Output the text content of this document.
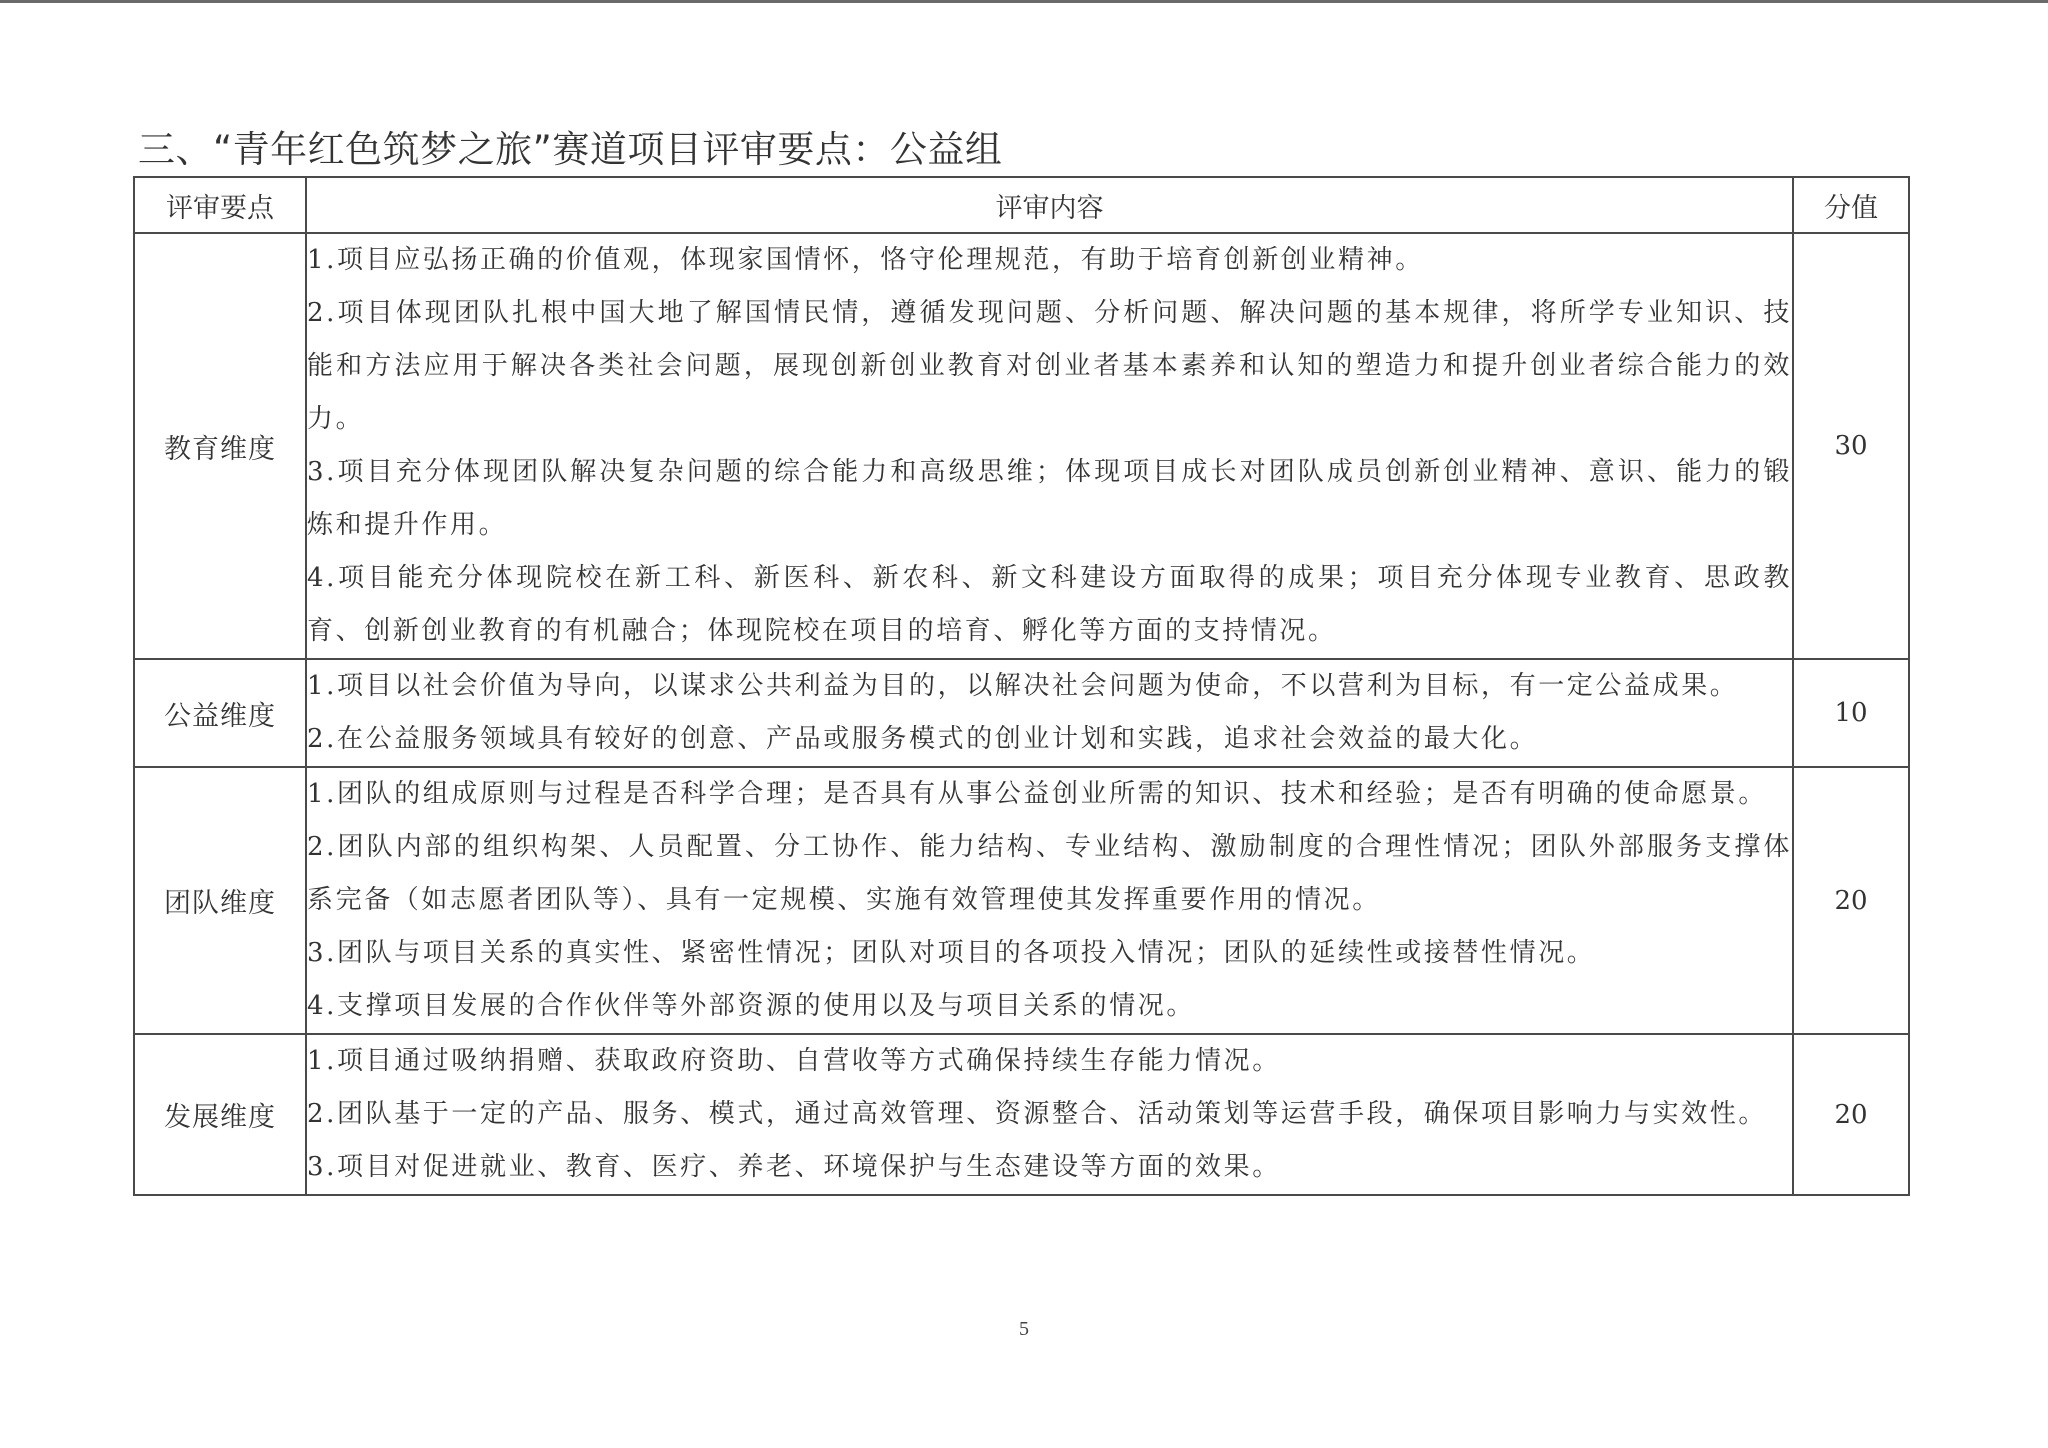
三、“青年红色筑梦之旅”赛道项目评审要点：公益组
评审要点	评审内容	分值
教育维度	1.项目应弘扬正确的价值观，体现家国情怀，恪守伦理规范，有助于培育创新创业精神。
2.项目体现团队扎根中国大地了解国情民情，遵循发现问题、分析问题、解决问题的基本规律，将所学专业知识、技能和方法应用于解决各类社会问题，展现创新创业教育对创业者基本素养和认知的塑造力和提升创业者综合能力的效力。
3.项目充分体现团队解决复杂问题的综合能力和高级思维；体现项目成长对团队成员创新创业精神、意识、能力的锻炼和提升作用。
4.项目能充分体现院校在新工科、新医科、新农科、新文科建设方面取得的成果；项目充分体现专业教育、思政教育、创新创业教育的有机融合；体现院校在项目的培育、孵化等方面的支持情况。	30
公益维度	1.项目以社会价值为导向，以谋求公共利益为目的，以解决社会问题为使命，不以营利为目标，有一定公益成果。
2.在公益服务领域具有较好的创意、产品或服务模式的创业计划和实践，追求社会效益的最大化。	10
团队维度	1.团队的组成原则与过程是否科学合理；是否具有从事公益创业所需的知识、技术和经验；是否有明确的使命愿景。
2.团队内部的组织构架、人员配置、分工协作、能力结构、专业结构、激励制度的合理性情况；团队外部服务支撑体系完备（如志愿者团队等）、具有一定规模、实施有效管理使其发挥重要作用的情况。
3.团队与项目关系的真实性、紧密性情况；团队对项目的各项投入情况；团队的延续性或接替性情况。
4.支撑项目发展的合作伙伴等外部资源的使用以及与项目关系的情况。	20
发展维度	1.项目通过吸纳捐赠、获取政府资助、自营收等方式确保持续生存能力情况。
2.团队基于一定的产品、服务、模式，通过高效管理、资源整合、活动策划等运营手段，确保项目影响力与实效性。
3.项目对促进就业、教育、医疗、养老、环境保护与生态建设等方面的效果。	20
5
